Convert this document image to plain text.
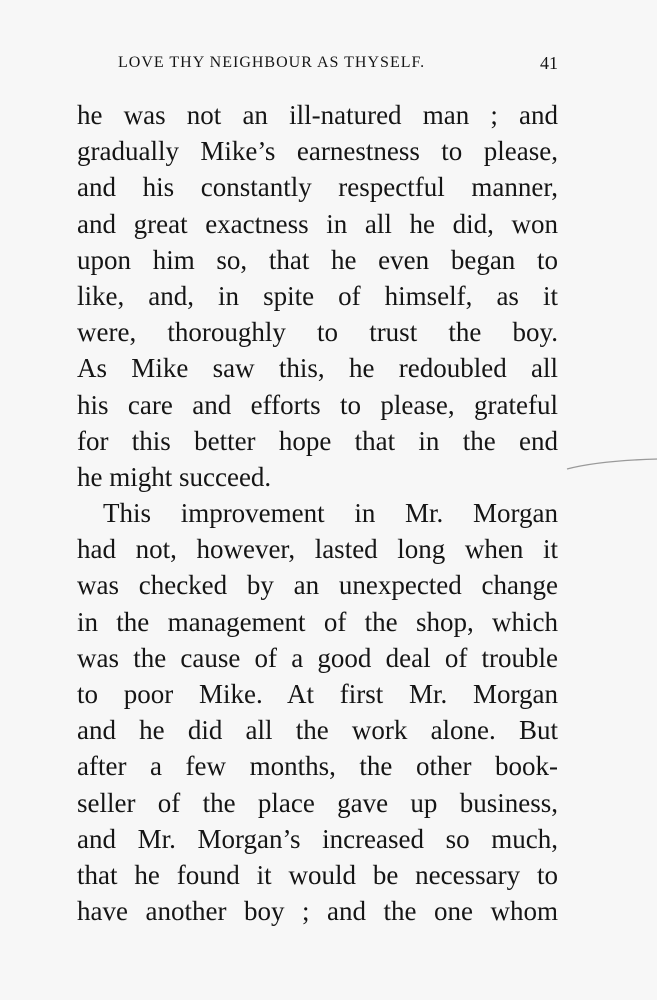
LOVE THY NEIGHBOUR AS THYSELF.	41
he was not an ill-natured man ; and
gradually Mike’s earnestness to please,
and his constantly respectful manner,
and great exactness in all he did, won
upon him so, that he even began to
like, and, in spite of himself, as it
were, thoroughly to trust the boy.
As Mike saw this, he redoubled all
his care and efforts to please, grateful
for this better hope that in the end
he might succeed.
This improvement in Mr. Morgan
had not, however, lasted long when it
was checked by an unexpected change
in the management of the shop, which
was the cause of a good deal of trouble
to poor Mike. At first Mr. Morgan
and he did all the work alone. But
after a few months, the other book-
seller of the place gave up business,
and Mr. Morgan’s increased so much,
that he found it would be necessary to
have another boy ; and the one whom
